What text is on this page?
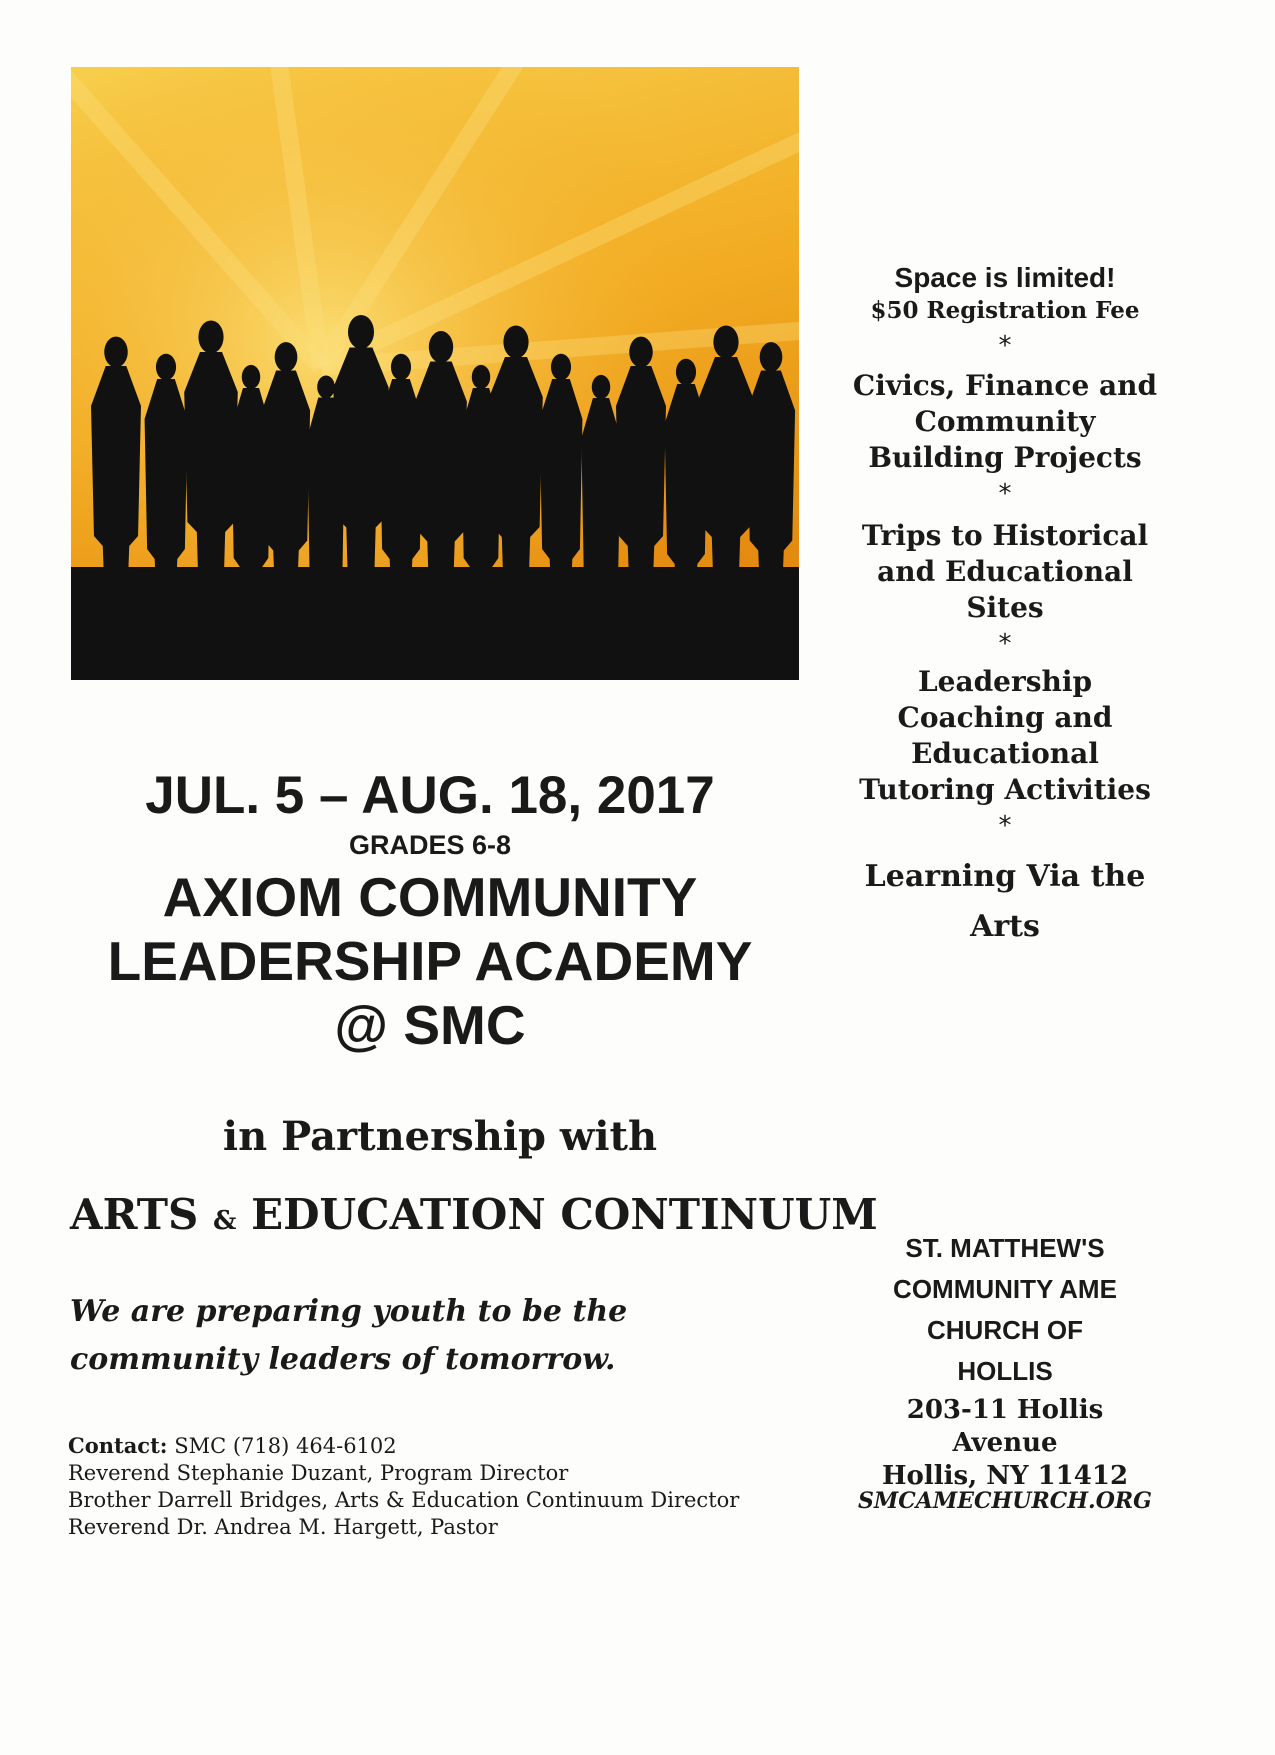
JUL. 5 – AUG. 18, 2017
GRADES 6-8
AXIOM COMMUNITY
LEADERSHIP ACADEMY
@ SMC
in Partnership with
ARTS & EDUCATION CONTINUUM
We are preparing youth to be the
community leaders of tomorrow.
Contact: SMC (718) 464-6102
Reverend Stephanie Duzant, Program Director
Brother Darrell Bridges, Arts & Education Continuum Director
Reverend Dr. Andrea M. Hargett, Pastor
Space is limited!
$50 Registration Fee
*
Civics, Finance and
Community
Building Projects
*
Trips to Historical
and Educational
Sites
*
Leadership
Coaching and
Educational
Tutoring Activities
*
Learning Via the
Arts
ST. MATTHEW'S
COMMUNITY AME
CHURCH OF
HOLLIS
203-11 Hollis Avenue
Hollis, NY 11412
SMCAMECHURCH.ORG
